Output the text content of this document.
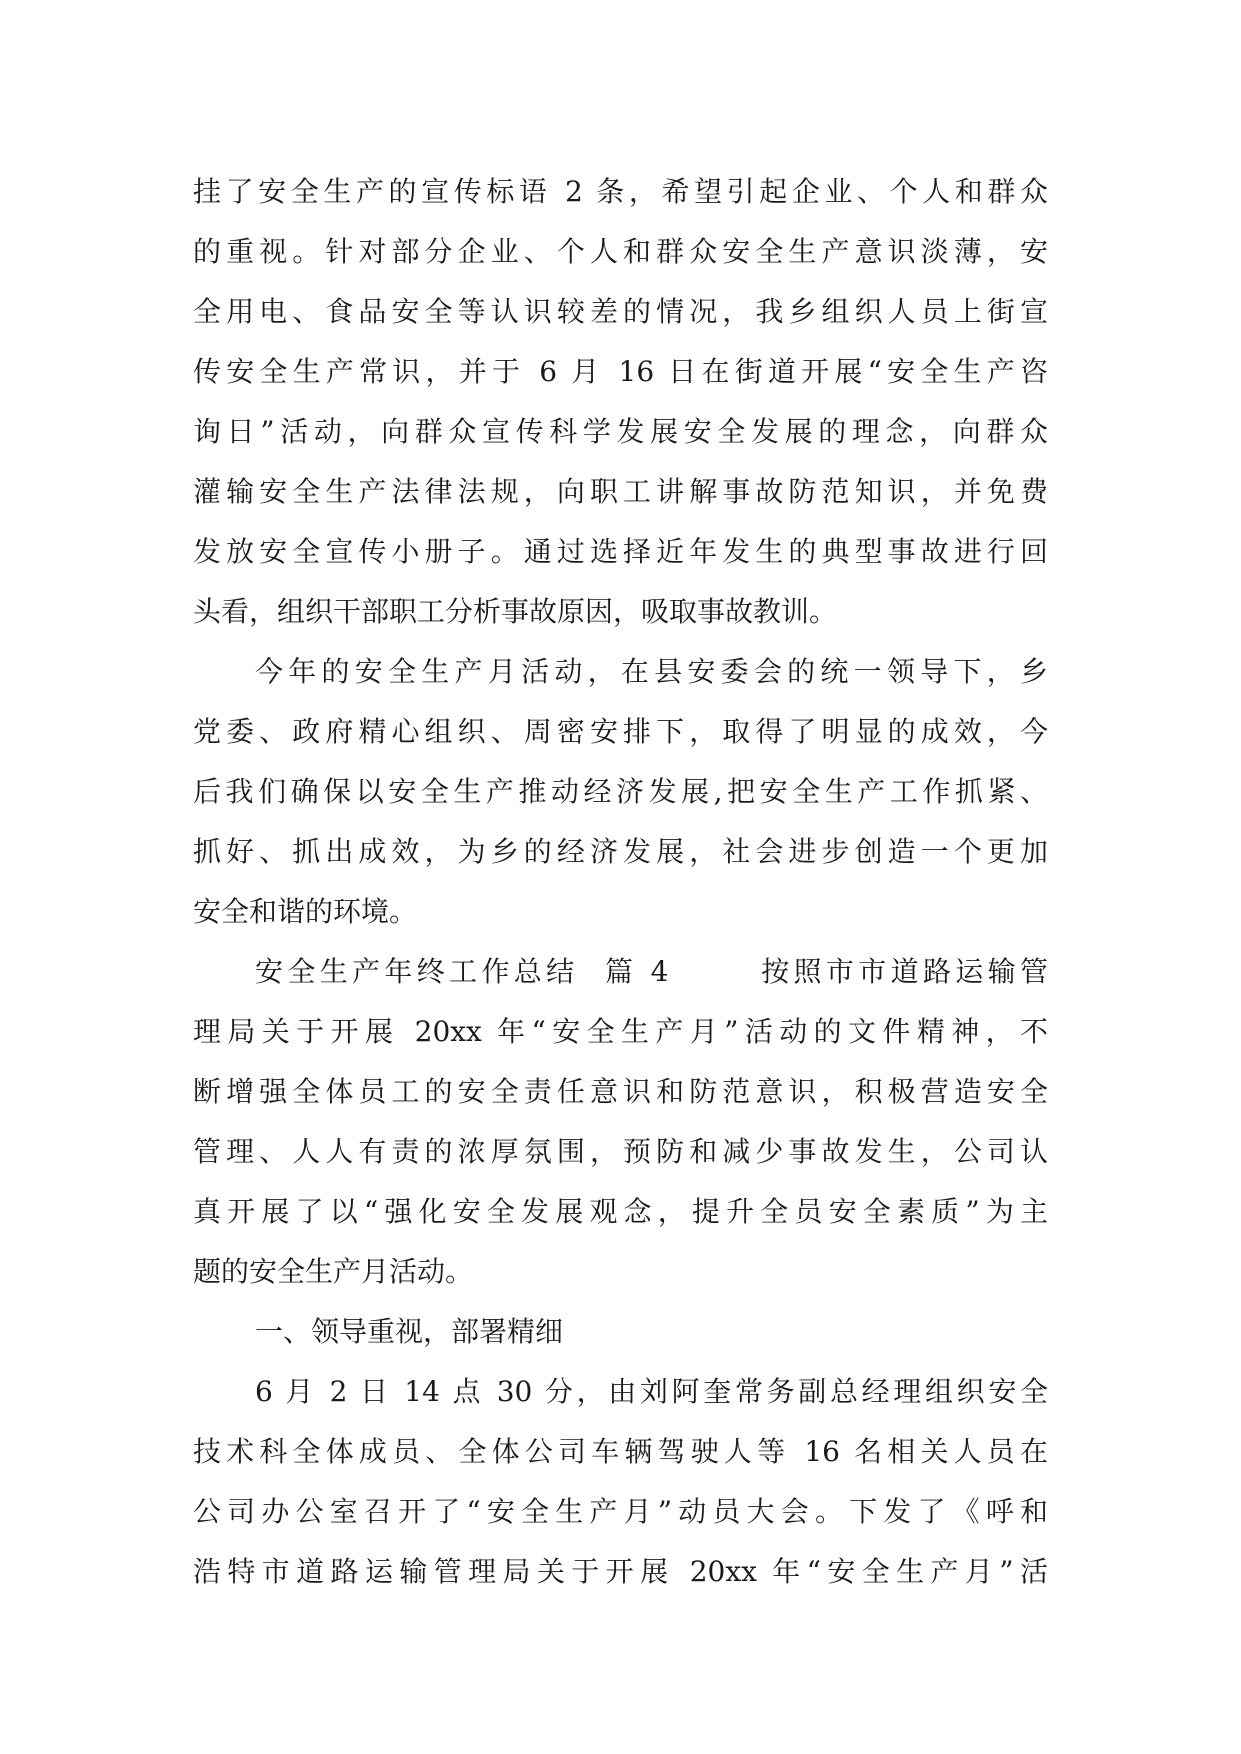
挂了安全生产的宣传标语 2 条，希望引起企业、个人和群众
的重视。针对部分企业、个人和群众安全生产意识淡薄，安
全用电、食品安全等认识较差的情况，我乡组织人员上街宣
传安全生产常识，并于 6 月 16 日在街道开展“安全生产咨
询日”活动，向群众宣传科学发展安全发展的理念，向群众
灌输安全生产法律法规，向职工讲解事故防范知识，并免费
发放安全宣传小册子。通过选择近年发生的典型事故进行回
头看，组织干部职工分析事故原因，吸取事故教训。
今年的安全生产月活动，在县安委会的统一领导下，乡
党委、政府精心组织、周密安排下，取得了明显的成效，今
后我们确保以安全生产推动经济发展,把安全生产工作抓紧、
抓好、抓出成效，为乡的经济发展，社会进步创造一个更加
安全和谐的环境。
安全生产年终工作总结  篇 4       按照市市道路运输管
理局关于开展 20xx 年“安全生产月”活动的文件精神，不
断增强全体员工的安全责任意识和防范意识，积极营造安全
管理、人人有责的浓厚氛围，预防和减少事故发生，公司认
真开展了以“强化安全发展观念，提升全员安全素质”为主
题的安全生产月活动。
一、领导重视，部署精细
6 月 2 日 14 点 30 分，由刘阿奎常务副总经理组织安全
技术科全体成员、全体公司车辆驾驶人等 16 名相关人员在
公司办公室召开了“安全生产月”动员大会。下发了《呼和
浩特市道路运输管理局关于开展 20xx 年“安全生产月”活
